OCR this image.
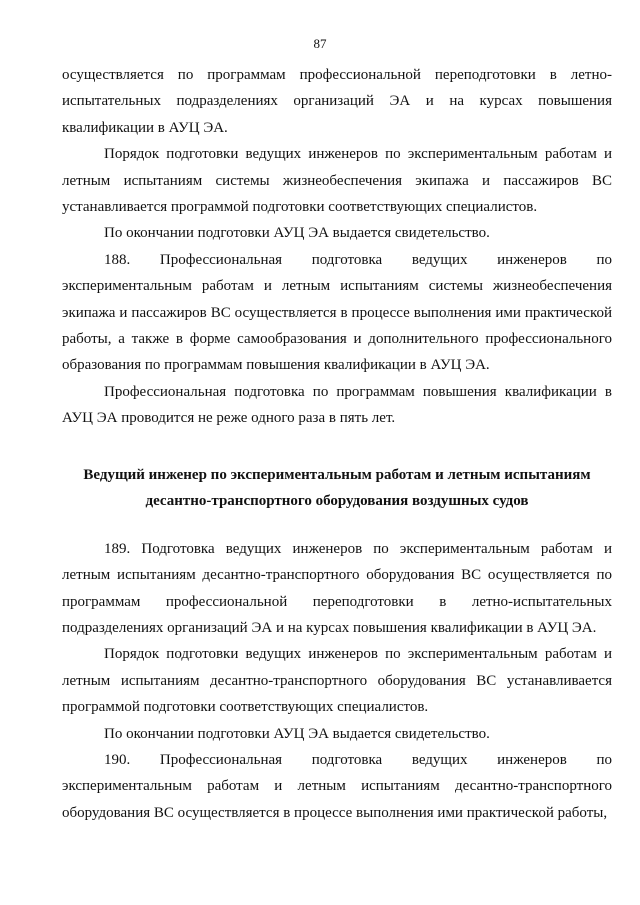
87

осуществляется по программам профессиональной переподготовки в летно-испытательных подразделениях организаций ЭА и на курсах повышения квалификации в АУЦ ЭА.

Порядок подготовки ведущих инженеров по экспериментальным работам и летным испытаниям системы жизнеобеспечения экипажа и пассажиров ВС устанавливается программой подготовки соответствующих специалистов.

По окончании подготовки АУЦ ЭА выдается свидетельство.

188. Профессиональная подготовка ведущих инженеров по экспериментальным работам и летным испытаниям системы жизнеобеспечения экипажа и пассажиров ВС осуществляется в процессе выполнения ими практической работы, а также в форме самообразования и дополнительного профессионального образования по программам повышения квалификации в АУЦ ЭА.

Профессиональная подготовка по программам повышения квалификации в АУЦ ЭА проводится не реже одного раза в пять лет.

Ведущий инженер по экспериментальным работам и летным испытаниям
десантно-транспортного оборудования воздушных судов

189. Подготовка ведущих инженеров по экспериментальным работам и летным испытаниям десантно-транспортного оборудования ВС осуществляется по программам профессиональной переподготовки в летно-испытательных подразделениях организаций ЭА и на курсах повышения квалификации в АУЦ ЭА.

Порядок подготовки ведущих инженеров по экспериментальным работам и летным испытаниям десантно-транспортного оборудования ВС устанавливается программой подготовки соответствующих специалистов.

По окончании подготовки АУЦ ЭА выдается свидетельство.

190. Профессиональная подготовка ведущих инженеров по экспериментальным работам и летным испытаниям десантно-транспортного оборудования ВС осуществляется в процессе выполнения ими практической работы,
